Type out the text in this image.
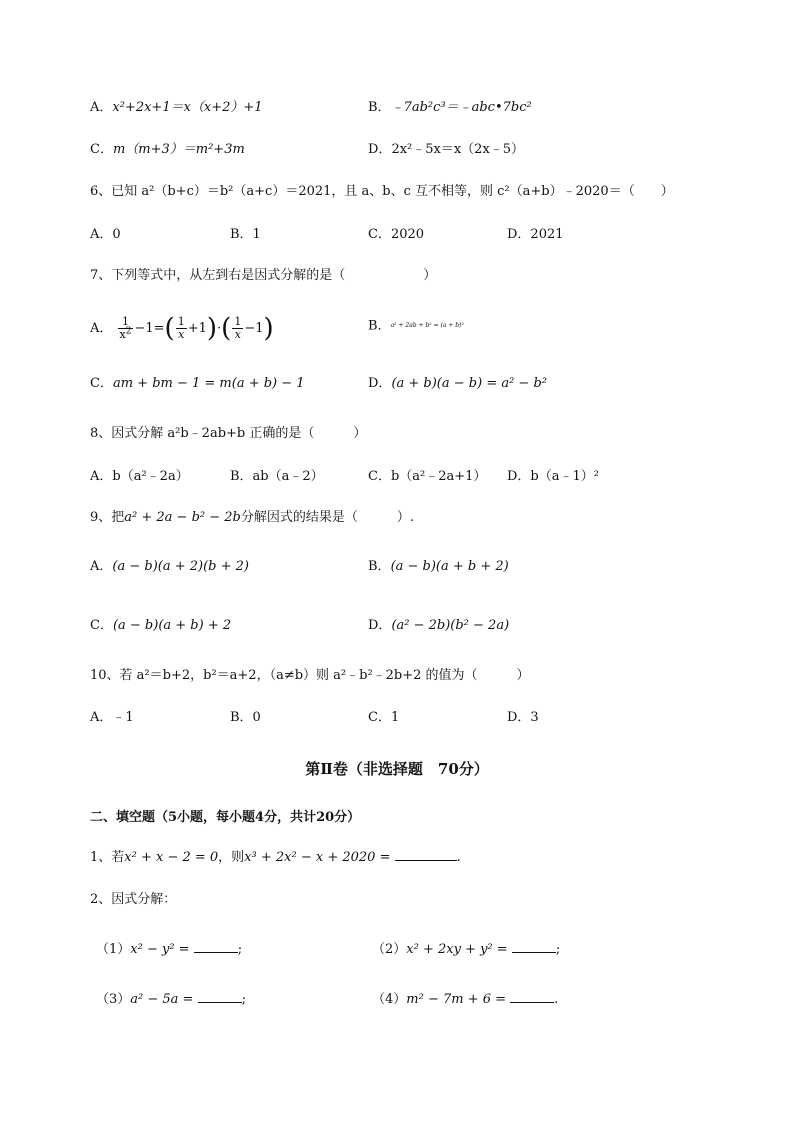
A．x²+2x+1＝x（x+2）+1	B．﹣7ab²c³＝﹣abc•7bc²
C．m（m+3）＝m²+3m	D．2x²﹣5x＝x（2x﹣5）
6、已知 a²（b+c）＝b²（a+c）＝2021，且 a、b、c 互不相等，则 c²（a+b）﹣2020＝（　　）
A．0	B．1	C．2020	D．2021
7、下列等式中，从左到右是因式分解的是（　　　　　　）
A． $\frac{1}{x^2} -1=( \frac{1}{x} +1)\cdot( \frac{1}{x} -1)$	B．a² + 2ab + b² = (a + b)²
C．am + bm − 1 = m(a + b) − 1	D．(a + b)(a − b) = a² − b²
8、因式分解 a²b﹣2ab+b 正确的是（　　　）
A．b（a²﹣2a）	B．ab（a﹣2）	C．b（a²﹣2a+1） D．b（a﹣1）²
9、把a² + 2a − b² − 2b分解因式的结果是（　　　）.
A．(a − b)(a + 2)(b + 2)	B．(a − b)(a + b + 2)
C．(a − b)(a + b) + 2	D．(a² − 2b)(b² − 2a)
10、若 a²＝b+2，b²＝a+2，（a≠b）则 a²﹣b²﹣2b+2 的值为（　　　）
A．﹣1	B．0	C．1	D．3
第Ⅱ卷（非选择题　70分）
二、填空题（5小题，每小题4分，共计20分）
1、若x² + x − 2 = 0，则x³ + 2x² − x + 2020 =	.
2、因式分解：
（1）x² − y² =	;	（2）x² + 2xy + y² =	;
（3）a² − 5a =	;	（4）m² − 7m + 6 =	.
